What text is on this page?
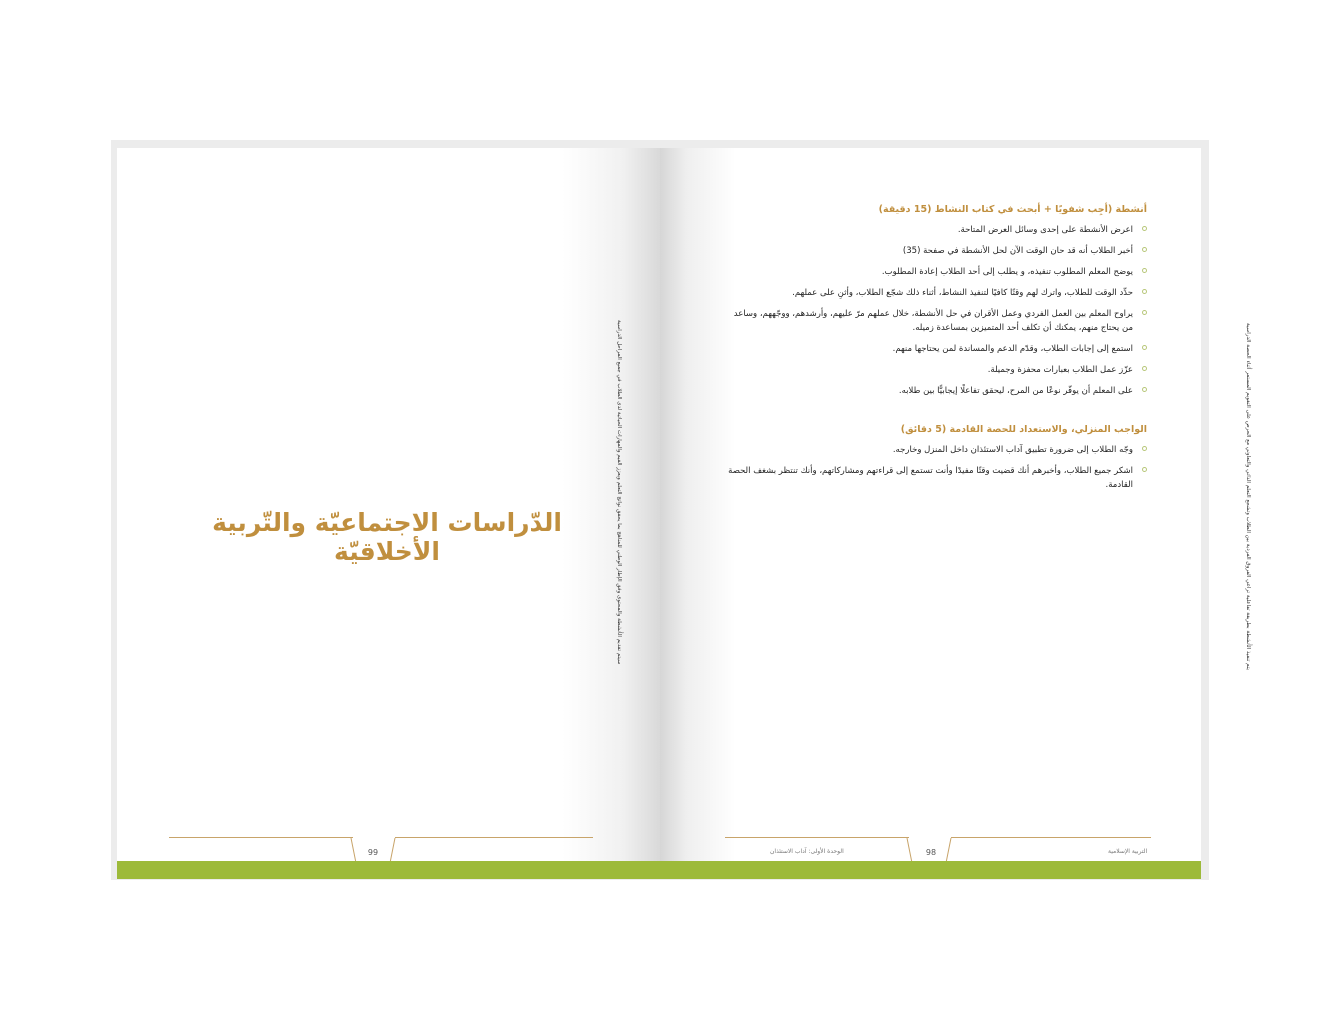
سيتم تقديم الأنشطة والمحتوى وفق الإطار الوطني للمناهج بما يحقق نواتج التعلم ويعزز القيم والمهارات الحياتية لدى الطلاب في جميع المراحل الدراسية
الدّراسات الاجتماعيّة والتّربية الأخلاقيّة
99
يتم تنفيذ الأنشطة بطريقة تفاعلية تراعي الفروق الفردية بين الطلاب وتشجع التعلم الذاتي والتعاوني مع الحرص على التقويم المستمر أثناء الحصة الدراسية
98
الوحدة الأولى: آداب الاستئذان	التربية الإسلامية
أنشطة (أجِب شفويًا + أبحث في كتاب النشاط (15 دقيقة)
اعرض الأنشطة على إحدى وسائل العرض المتاحة.
أخبر الطلاب أنه قد حان الوقت الآن لحل الأنشطة في صفحة (35)
يوضح المعلم المطلوب تنفيذه، و يطلب إلى أحد الطلاب إعادة المطلوب.
حدِّد الوقت للطلاب، واترك لهم وقتًا كافيًا لتنفيذ النشاط، أثناء ذلك شجّع الطلاب، وأثنِ على عملهم.
يراوح المعلم بين العمل الفردي وعمل الأقران في حل الأنشطة، خلال عملهم مرّ عليهم، وأرشدهم، ووجّههم، وساعد من يحتاج منهم، يمكنك أن تكلف أحد المتميزين بمساعدة زميله.
استمع إلى إجابات الطلاب، وقدّم الدعم والمساندة لمن يحتاجها منهم.
عزّز عمل الطلاب بعبارات محفزة وجميلة.
على المعلم أن يوفّر نوعًا من المرح، ليحقق تفاعلًا إيجابيًّا بين طلابه.
الواجب المنزلي، والاستعداد للحصة القادمة (5 دقائق)
وجّه الطلاب إلى ضرورة تطبيق آداب الاستئذان داخل المنزل وخارجه.
اشكر جميع الطلاب، وأخبرهم أنك قضيت وقتًا مفيدًا وأنت تستمع إلى قراءتهم ومشاركاتهم، وأنك تنتظر بشغف الحصة القادمة.
